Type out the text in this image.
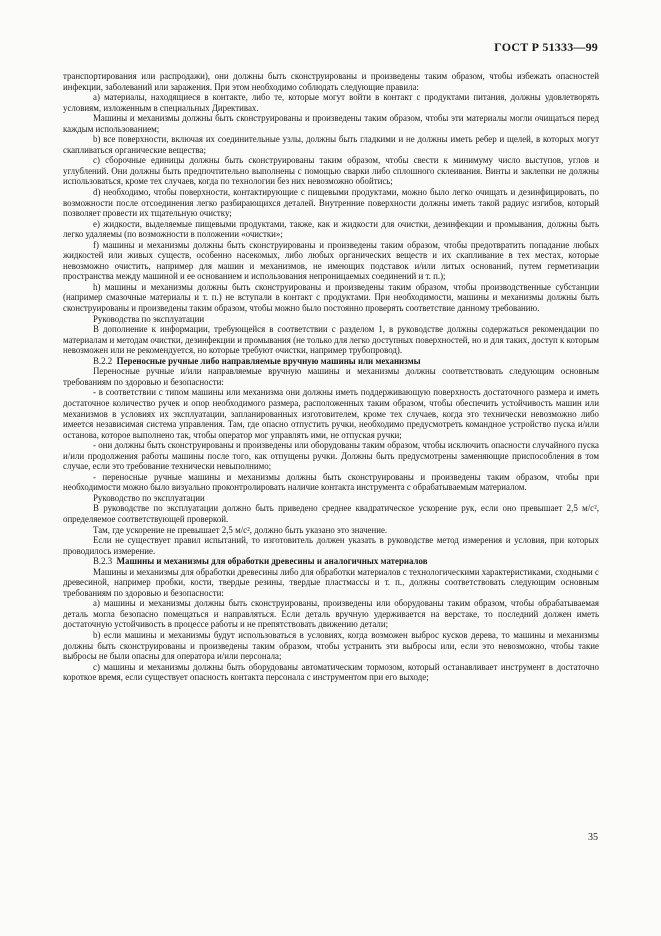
ГОСТ Р 51333—99

транспортирования или распродажи), они должны быть сконструированы и произведены таким образом, чтобы избежать опасностей инфекции, заболеваний или заражения. При этом необходимо соблюдать следующие правила:

a) материалы, находящиеся в контакте, либо те, которые могут войти в контакт с продуктами питания, должны удовлетворять условиям, изложенным в специальных Директивах.

Машины и механизмы должны быть сконструированы и произведены таким образом, чтобы эти материалы могли очищаться перед каждым использованием;

b) все поверхности, включая их соединительные узлы, должны быть гладкими и не должны иметь ребер и щелей, в которых могут скапливаться органические вещества;

c) сборочные единицы должны быть сконструированы таким образом, чтобы свести к минимуму число выступов, углов и углублений. Они должны быть предпочтительно выполнены с помощью сварки либо сплошного склеивания. Винты и заклепки не должны использоваться, кроме тех случаев, когда по технологии без них невозможно обойтись;

d) необходимо, чтобы поверхности, контактирующие с пищевыми продуктами, можно было легко очищать и дезинфицировать, по возможности после отсоединения легко разбирающихся деталей. Внутренние поверхности должны иметь такой радиус изгибов, который позволяет провести их тщательную очистку;

e) жидкости, выделяемые пищевыми продуктами, также, как и жидкости для очистки, дезинфекции и промывания, должны быть легко удаляемы (по возможности в положении «очистки»;

f) машины и механизмы должны быть сконструированы и произведены таким образом, чтобы предотвратить попадание любых жидкостей или живых существ, особенно насекомых, либо любых органических веществ и их скапливание в тех местах, которые невозможно очистить, например для машин и механизмов, не имеющих подставок и/или литых оснований, путем герметизации пространства между машиной и ее основанием и использования непроницаемых соединений и т. п.);

h) машины и механизмы должны быть сконструированы и произведены таким образом, чтобы производственные субстанции (например смазочные материалы и т. п.) не вступали в контакт с продуктами. При необходимости, машины и механизмы должны быть сконструированы и произведены таким образом, чтобы можно было постоянно проверять соответствие данному требованию.

Руководства по эксплуатации

В дополнение к информации, требующейся в соответствии с разделом 1, в руководстве должны содержаться рекомендации по материалам и методам очистки, дезинфекции и промывания (не только для легко доступных поверхностей, но и для таких, доступ к которым невозможен или не рекомендуется, но которые требуют очистки, например трубопровод).

B.2.2 Переносные ручные либо направляемые вручную машины или механизмы

Переносные ручные и/или направляемые вручную машины и механизмы должны соответствовать следующим основным требованиям по здоровью и безопасности:

- в соответствии с типом машины или механизма они должны иметь поддерживающую поверхность достаточного размера и иметь достаточное количество ручек и опор необходимого размера, расположенных таким образом, чтобы обеспечить устойчивость машин или механизмов в условиях их эксплуатации, запланированных изготовителем, кроме тех случаев, когда это технически невозможно либо имеется независимая система управления. Там, где опасно отпустить ручки, необходимо предусмотреть командное устройство пуска и/или останова, которое выполнено так, чтобы оператор мог управлять ими, не отпуская ручки;

- они должны быть сконструированы и произведены или оборудованы таким образом, чтобы исключить опасности случайного пуска и/или продолжения работы машины после того, как отпущены ручки. Должны быть предусмотрены заменяющие приспособления в том случае, если это требование технически невыполнимо;

- переносные ручные машины и механизмы должны быть сконструированы и произведены таким образом, чтобы при необходимости можно было визуально проконтролировать наличие контакта инструмента с обрабатываемым материалом.

Руководство по эксплуатации

В руководстве по эксплуатации должно быть приведено среднее квадратическое ускорение рук, если оно превышает 2,5 м/с², определяемое соответствующей проверкой.

Там, где ускорение не превышает 2,5 м/с², должно быть указано это значение.

Если не существует правил испытаний, то изготовитель должен указать в руководстве метод измерения и условия, при которых проводилось измерение.

B.2.3 Машины и механизмы для обработки древесины и аналогичных материалов

Машины и механизмы для обработки древесины либо для обработки материалов с технологическими характеристиками, сходными с древесиной, например пробки, кости, твердые резины, твердые пластмассы и т. п., должны соответствовать следующим основным требованиям по здоровью и безопасности:

a) машины и механизмы должны быть сконструированы, произведены или оборудованы таким образом, чтобы обрабатываемая деталь могла безопасно помещаться и направляться. Если деталь вручную удерживается на верстаке, то последний должен иметь достаточную устойчивость в процессе работы и не препятствовать движению детали;

b) если машины и механизмы будут использоваться в условиях, когда возможен выброс кусков дерева, то машины и механизмы должны быть сконструированы и произведены таким образом, чтобы устранить эти выбросы или, если это невозможно, чтобы такие выбросы не были опасны для оператора и/или персонала;

c) машины и механизмы должны быть оборудованы автоматическим тормозом, который останавливает инструмент в достаточно короткое время, если существует опасность контакта персонала с инструментом при его выходе;

35
